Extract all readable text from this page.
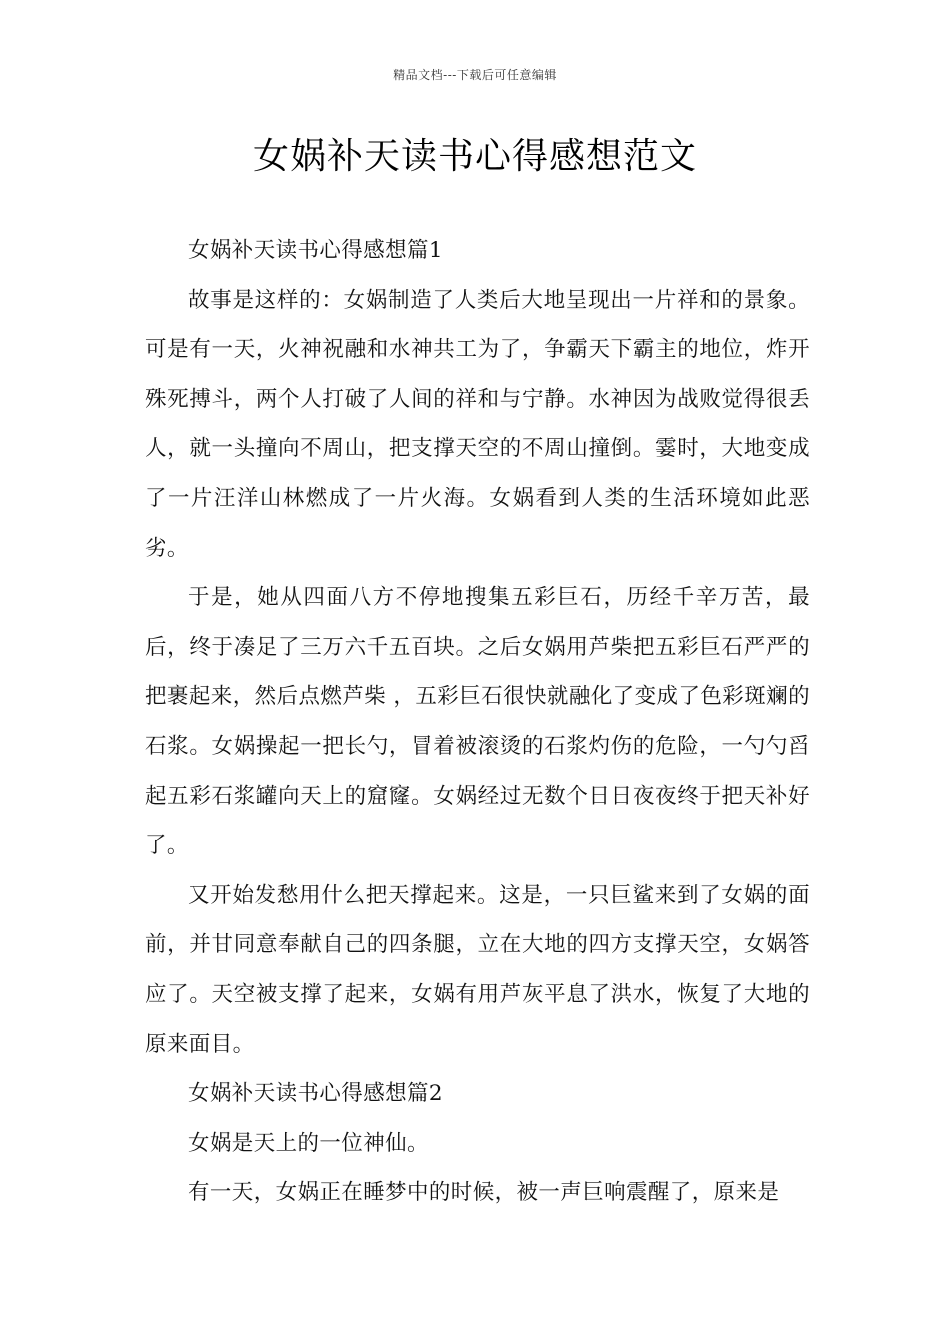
精品文档---下载后可任意编辑
女娲补天读书心得感想范文

女娲补天读书心得感想篇1

故事是这样的：女娲制造了人类后大地呈现出一片祥和的景象。可是有一天，火神祝融和水神共工为了，争霸天下霸主的地位，炸开殊死搏斗，两个人打破了人间的祥和与宁静。水神因为战败觉得很丢人，就一头撞向不周山，把支撑天空的不周山撞倒。霎时，大地变成了一片汪洋山林燃成了一片火海。女娲看到人类的生活环境如此恶劣。

于是，她从四面八方不停地搜集五彩巨石，历经千辛万苦，最后，终于凑足了三万六千五百块。之后女娲用芦柴把五彩巨石严严的把裹起来，然后点燃芦柴 ，五彩巨石很快就融化了变成了色彩斑斓的石浆。女娲操起一把长勺，冒着被滚烫的石浆灼伤的危险，一勺勺舀起五彩石浆罐向天上的窟窿。女娲经过无数个日日夜夜终于把天补好了。

又开始发愁用什么把天撑起来。这是，一只巨鲨来到了女娲的面前，并甘同意奉献自己的四条腿，立在大地的四方支撑天空，女娲答应了。天空被支撑了起来，女娲有用芦灰平息了洪水，恢复了大地的原来面目。

女娲补天读书心得感想篇2

女娲是天上的一位神仙。

有一天，女娲正在睡梦中的时候，被一声巨响震醒了，原来是
